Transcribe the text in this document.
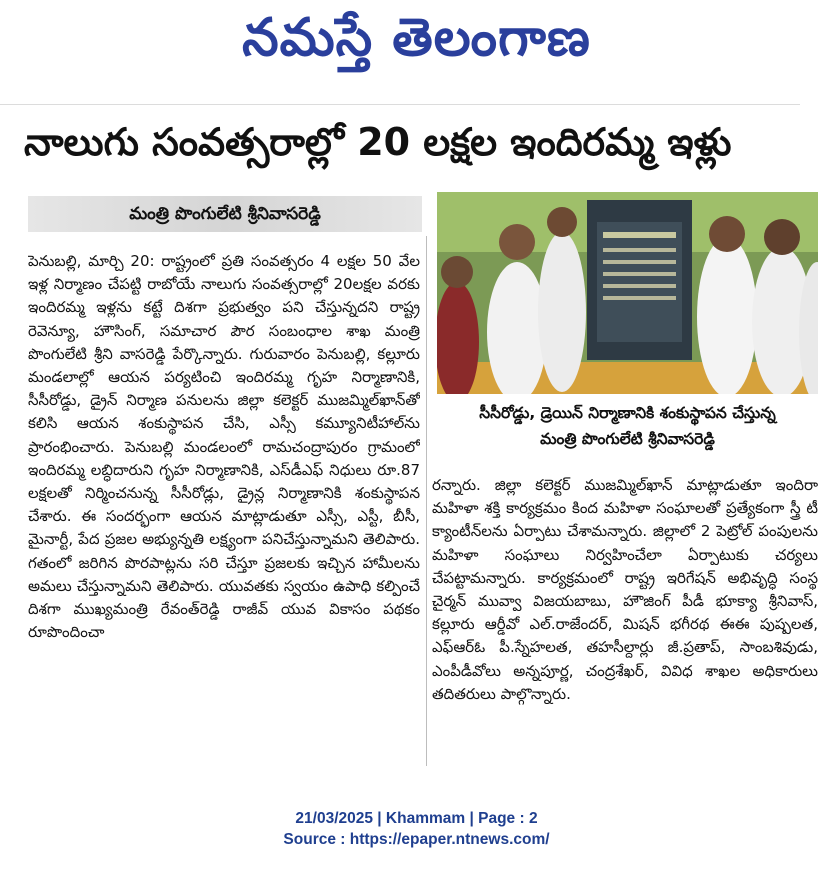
నమస్తే తెలంగాణ
నాలుగు సంవత్సరాల్లో 20 లక్షల ఇందిరమ్మ ఇళ్లు
మంత్రి పొంగులేటి శ్రీనివాసరెడ్డి

పెనుబల్లి, మార్చి 20: రాష్ట్రంలో ప్రతి సంవత్సరం 4 లక్షల 50 వేల ఇళ్ల నిర్మాణం చేపట్టి రాబోయే నాలుగు సంవత్సరాల్లో 20లక్షల వరకు ఇందిరమ్మ ఇళ్లను కట్టే దిశగా ప్రభుత్వం పని చేస్తున్నదని రాష్ట్ర రెవెన్యూ, హౌసింగ్, సమాచార పౌర సంబంధాల శాఖ మంత్రి పొంగులేటి శ్రీని వాసరెడ్డి పేర్కొన్నారు. గురువారం పెనుబల్లి, కల్లూరు మండలాల్లో ఆయన పర్యటించి ఇందిరమ్మ గృహ నిర్మాణానికి, సీసీరోడ్డు, డ్రైన్ నిర్మాణ పనులను జిల్లా కలెక్టర్ ముజమ్మిల్‌ఖాన్‌తో కలిసి ఆయన శంకుస్థాపన చేసి, ఎస్సీ కమ్యూనిటీహాల్‌ను ప్రారంభించారు. పెనుబల్లి మండలంలో రామచంద్రాపురం గ్రామంలో ఇందిరమ్మ లబ్ధిదారుని గృహ నిర్మాణానికి, ఎస్‌డీఎఫ్ నిధులు రూ.87 లక్షలతో నిర్మించనున్న సీసీరోడ్లు, డ్రైన్ల నిర్మాణానికి శంకుస్థాపన చేశారు. ఈ సందర్భంగా ఆయన మాట్లాడుతూ ఎస్సీ, ఎస్టీ, బీసీ, మైనార్టీ, పేద ప్రజల అభ్యున్నతి లక్ష్యంగా పనిచేస్తున్నామని తెలిపారు. గతంలో జరిగిన పొరపాట్లను సరి చేస్తూ ప్రజలకు ఇచ్చిన హామీలను అమలు చేస్తున్నామని తెలిపారు. యువతకు స్వయం ఉపాధి కల్పించే దిశగా ముఖ్యమంత్రి రేవంత్‌రెడ్డి రాజీవ్ యువ వికాసం పథకం రూపొందించా

సీసీరోడ్డు, డ్రెయిన్ నిర్మాణానికి శంకుస్థాపన చేస్తున్న
మంత్రి పొంగులేటి శ్రీనివాసరెడ్డి

రన్నారు. జిల్లా కలెక్టర్ ముజమ్మిల్‌ఖాన్ మాట్లాడుతూ ఇందిరా మహిళా శక్తి కార్యక్రమం కింద మహిళా సంఘాలతో ప్రత్యేకంగా స్త్రీ టీ క్యాంటీన్‌లను ఏర్పాటు చేశామన్నారు. జిల్లాలో 2 పెట్రోల్ పంపులను మహిళా సంఘాలు నిర్వహించేలా ఏర్పాటుకు చర్యలు చేపట్టామన్నారు. కార్యక్రమంలో రాష్ట్ర ఇరిగేషన్ అభివృద్ధి సంస్థ చైర్మన్ మువ్వా విజయబాబు, హౌజింగ్ పీడీ భూక్యా శ్రీనివాస్, కల్లూరు ఆర్డీవో ఎల్.రాజేందర్, మిషన్ భగీరథ ఈఈ పుష్పలత, ఎఫ్‌ఆర్‌ఓ పీ.స్నేహలత, తహసీల్దార్లు జీ.ప్రతాప్, సాంబశివుడు, ఎంపీడీవోలు అన్నపూర్ణ, చంద్రశేఖర్, వివిధ శాఖల అధికారులు తదితరులు పాల్గొన్నారు.

21/03/2025 | Khammam | Page : 2
Source : https://epaper.ntnews.com/
